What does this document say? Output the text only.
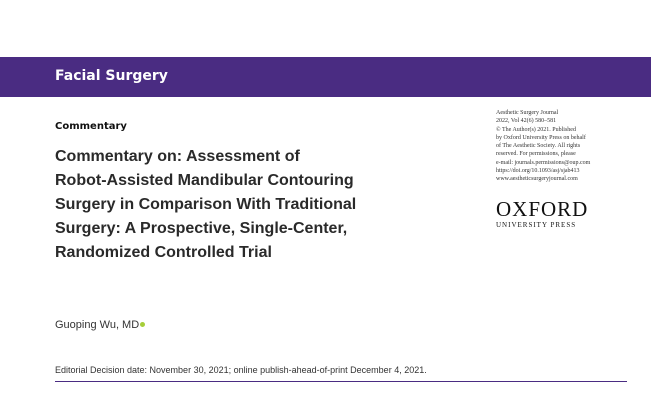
Facial Surgery
Commentary
Commentary on: Assessment of
Robot-Assisted Mandibular Contouring
Surgery in Comparison With Traditional
Surgery: A Prospective, Single-Center,
Randomized Controlled Trial
Guoping Wu, MD
Editorial Decision date: November 30, 2021; online publish-ahead-of-print December 4, 2021.
Aesthetic Surgery Journal
2022, Vol 42(6) 580–581
© The Author(s) 2021. Published
by Oxford University Press on behalf
of The Aesthetic Society. All rights
reserved. For permissions, please
e-mail: journals.permissions@oup.com
https://doi.org/10.1093/asj/sjab413
www.aestheticsurgeryjournal.com
OXFORD
UNIVERSITY PRESS
